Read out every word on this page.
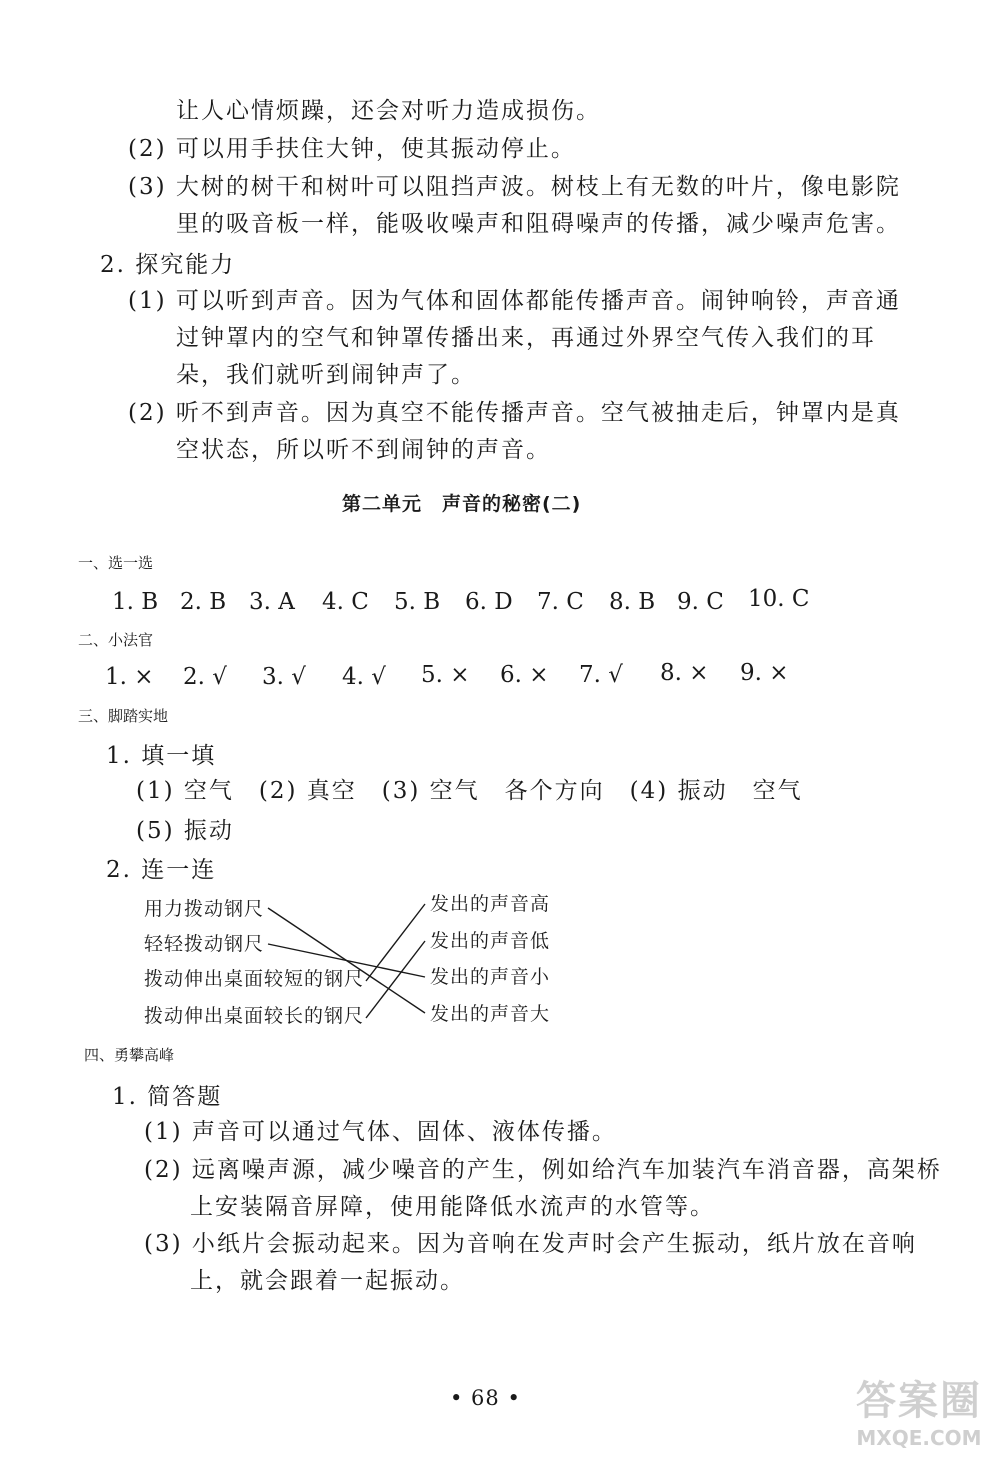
让人心情烦躁，还会对听力造成损伤。
(2) 可以用手扶住大钟，使其振动停止。
(3) 大树的树干和树叶可以阻挡声波。树枝上有无数的叶片，像电影院
里的吸音板一样，能吸收噪声和阻碍噪声的传播，减少噪声危害。
2. 探究能力
(1) 可以听到声音。因为气体和固体都能传播声音。闹钟响铃，声音通
过钟罩内的空气和钟罩传播出来，再通过外界空气传入我们的耳
朵，我们就听到闹钟声了。
(2) 听不到声音。因为真空不能传播声音。空气被抽走后，钟罩内是真
空状态，所以听不到闹钟的声音。
第二单元　声音的秘密(二)
一、选一选
1. B 2. B 3. A 4. C 5. B 6. D 7. C 8. B 9. C 10. C
二、小法官
1. × 2. √ 3. √ 4. √ 5. × 6. × 7. √ 8. × 9. ×
三、脚踏实地
1. 填一填
(1) 空气　(2) 真空　(3) 空气　各个方向　(4) 振动　空气
(5) 振动
2. 连一连
用力拨动钢尺
轻轻拨动钢尺
拨动伸出桌面较短的钢尺
拨动伸出桌面较长的钢尺
发出的声音高
发出的声音低
发出的声音小
发出的声音大
四、勇攀高峰
1. 简答题
(1) 声音可以通过气体、固体、液体传播。
(2) 远离噪声源，减少噪音的产生，例如给汽车加装汽车消音器，高架桥
上安装隔音屏障，使用能降低水流声的水管等。
(3) 小纸片会振动起来。因为音响在发声时会产生振动，纸片放在音响
上，就会跟着一起振动。
• 68 •	答案圈
MXQE.COM
